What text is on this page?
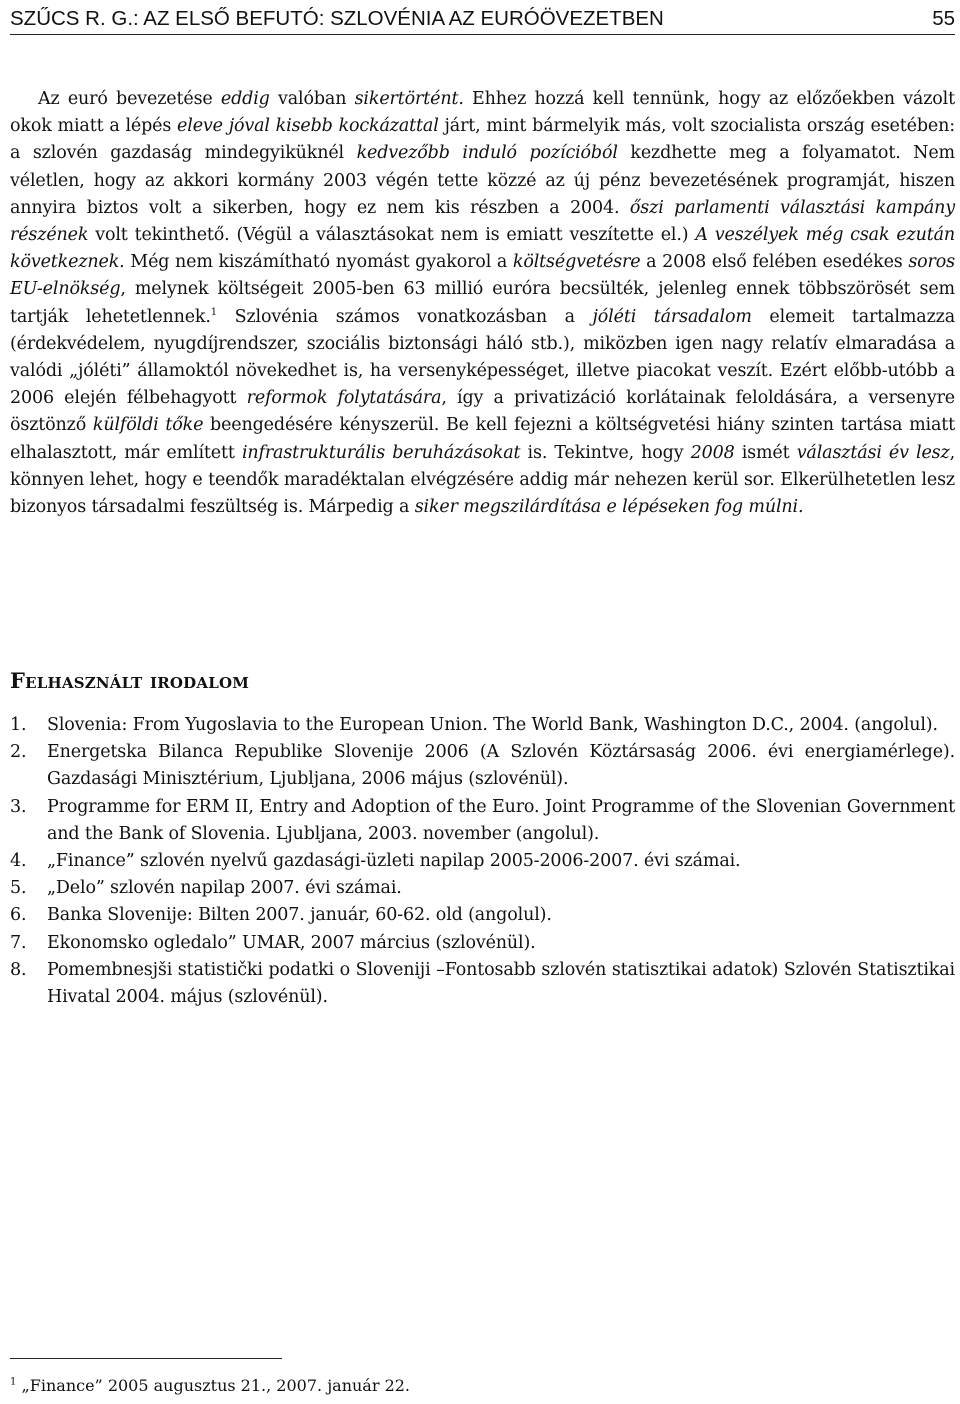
SZŰCS R. G.: AZ ELSŐ BEFUTÓ: SZLOVÉNIA AZ EURÓÖVEZETBEN	55

Az euró bevezetése eddig valóban sikertörtént. Ehhez hozzá kell tennünk, hogy az előzőekben vázolt okok miatt a lépés eleve jóval kisebb kockázattal járt, mint bármelyik más, volt szocialista ország esetében: a szlovén gazdaság mindegyiküknél kedvezőbb induló pozícióból kezdhette meg a folyamatot. Nem véletlen, hogy az akkori kormány 2003 végén tette közzé az új pénz bevezetésének programját, hiszen annyira biztos volt a sikerben, hogy ez nem kis részben a 2004. őszi parlamenti választási kampány részének volt tekinthető. (Végül a választásokat nem is emiatt veszítette el.) A veszélyek még csak ezután következnek. Még nem kiszámítható nyomást gyakorol a költségvetésre a 2008 első felében esedékes soros EU-elnökség, melynek költségeit 2005-ben 63 millió euróra becsülték, jelenleg ennek többszörösét sem tartják lehetetlennek.$^1$ Szlovénia számos vonatkozásban a jóléti társadalom elemeit tartalmazza (érdekvédelem, nyugdíjrendszer, szociális biztonsági háló stb.), miközben igen nagy relatív elmaradása a valódi „jóléti” államoktól növekedhet is, ha versenyképességet, illetve piacokat veszít. Ezért előbb-utóbb a 2006 elején félbehagyott reformok folytatására, így a privatizáció korlátainak feloldására, a versenyre ösztönző külföldi tőke beengedésére kényszerül. Be kell fejezni a költségvetési hiány szinten tartása miatt elhalasztott, már említett infrastrukturális beruházásokat is. Tekintve, hogy 2008 ismét választási év lesz, könnyen lehet, hogy e teendők maradéktalan elvégzésére addig már nehezen kerül sor. Elkerülhetetlen lesz bizonyos társadalmi feszültség is. Márpedig a siker megszilárdítása e lépéseken fog múlni.

Felhasznált irodalom
1. Slovenia: From Yugoslavia to the European Union. The World Bank, Washington D.C., 2004. (angolul).
2. Energetska Bilanca Republike Slovenije 2006 (A Szlovén Köztársaság 2006. évi energiamérlege). Gazdasági Minisztérium, Ljubljana, 2006 május (szlovénül).
3. Programme for ERM II, Entry and Adoption of the Euro. Joint Programme of the Slovenian Government and the Bank of Slovenia. Ljubljana, 2003. november (angolul).
4. „Finance” szlovén nyelvű gazdasági-üzleti napilap 2005-2006-2007. évi számai.
5. „Delo” szlovén napilap 2007. évi számai.
6. Banka Slovenije: Bilten 2007. január, 60-62. old (angolul).
7. Ekonomsko ogledalo” UMAR, 2007 március (szlovénül).
8. Pomembnesjši statistički podatki o Sloveniji –Fontosabb szlovén statisztikai adatok) Szlovén Statisztikai Hivatal 2004. május (szlovénül).
$^1$ „Finance” 2005 augusztus 21., 2007. január 22.
